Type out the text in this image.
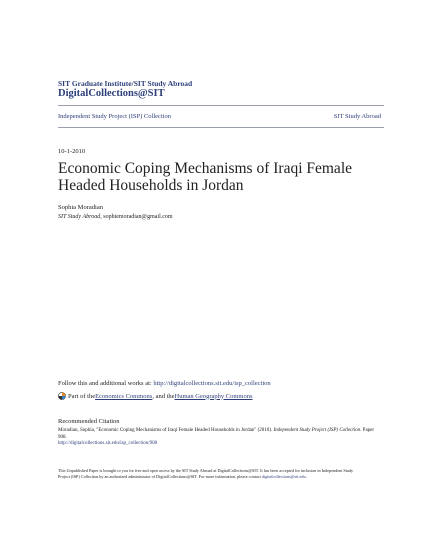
SIT Graduate Institute/SIT Study Abroad
DigitalCollections@SIT
Independent Study Project (ISP) Collection	SIT Study Abroad
10-1-2010
Economic Coping Mechanisms of Iraqi Female Headed Households in Jordan
Sophia Moradian
SIT Study Abroad, sophiemoradian@gmail.com
Follow this and additional works at: http://digitalcollections.sit.edu/isp_collection
Part of the Economics Commons , and the Human Geography Commons
Recommended Citation
Moradian, Sophia, "Economic Coping Mechanisms of Iraqi Female Headed Households in Jordan" (2010). Independent Study Project (ISP) Collection. Paper 908.
http://digitalcollections.sit.edu/isp_collection/908
This Unpublished Paper is brought to you for free and open access by the SIT Study Abroad at DigitalCollections@SIT. It has been accepted for inclusion in Independent Study Project (ISP) Collection by an authorized administrator of DigitalCollections@SIT. For more information, please contact digitalcollections@sit.edu.
